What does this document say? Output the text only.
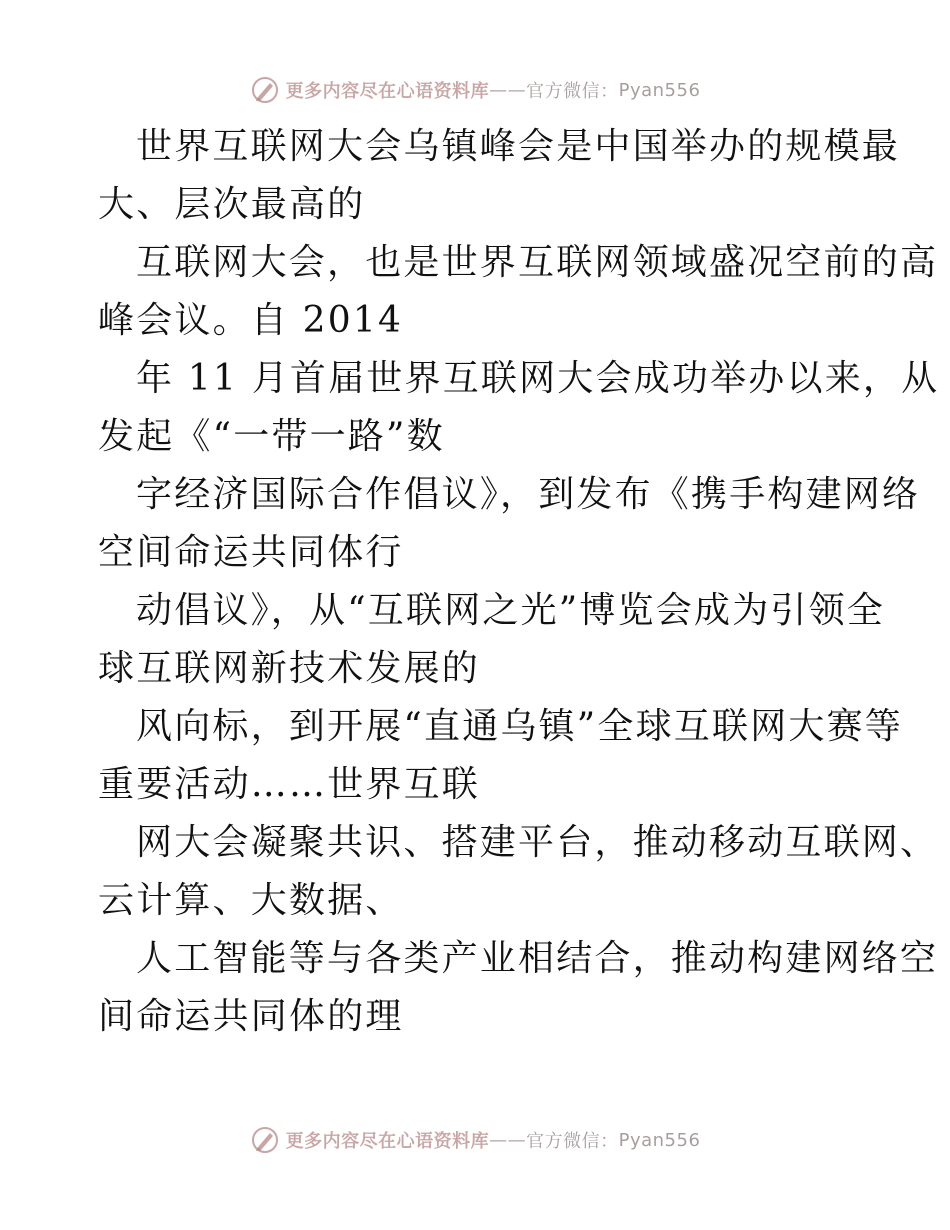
更多内容尽在心语资料库 —— 官方微信： Pyan556
世界互联网大会乌镇峰会是中国举办的规模最
大、层次最高的
互联网大会，也是世界互联网领域盛况空前的高
峰会议。自 2014
年 11 月首届世界互联网大会成功举办以来，从
发起《“一带一路”数
字经济国际合作倡议》，到发布《携手构建网络
空间命运共同体行
动倡议》，从“互联网之光”博览会成为引领全
球互联网新技术发展的
风向标，到开展“直通乌镇”全球互联网大赛等
重要活动……世界互联
网大会凝聚共识、搭建平台，推动移动互联网、
云计算、大数据、
人工智能等与各类产业相结合，推动构建网络空
间命运共同体的理
更多内容尽在心语资料库 —— 官方微信： Pyan556
